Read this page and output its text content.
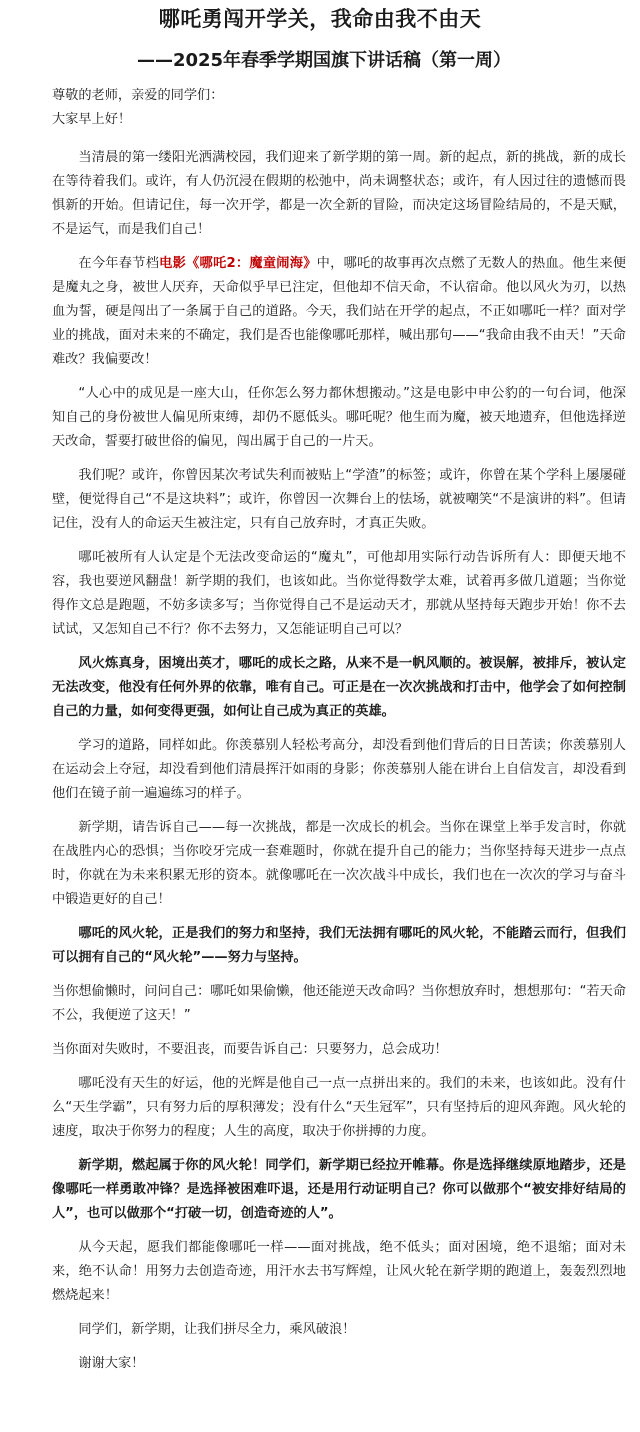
哪吒勇闯开学关，我命由我不由天
——2025年春季学期国旗下讲话稿（第一周）

尊敬的老师，亲爱的同学们：

大家早上好！

当清晨的第一缕阳光洒满校园，我们迎来了新学期的第一周。新的起点，新的挑战，新的成长在等待着我们。或许，有人仍沉浸在假期的松弛中，尚未调整状态；或许，有人因过往的遗憾而畏惧新的开始。但请记住，每一次开学，都是一次全新的冒险，而决定这场冒险结局的，不是天赋，不是运气，而是我们自己！

在今年春节档电影《哪吒2：魔童闹海》中，哪吒的故事再次点燃了无数人的热血。他生来便是魔丸之身，被世人厌弃，天命似乎早已注定，但他却不信天命，不认宿命。他以风火为刃，以热血为誓，硬是闯出了一条属于自己的道路。今天，我们站在开学的起点，不正如哪吒一样？面对学业的挑战，面对未来的不确定，我们是否也能像哪吒那样，喊出那句——“我命由我不由天！”天命难改？我偏要改！

“人心中的成见是一座大山，任你怎么努力都休想搬动。”这是电影中申公豹的一句台词，他深知自己的身份被世人偏见所束缚，却仍不愿低头。哪吒呢？他生而为魔，被天地遗弃，但他选择逆天改命，誓要打破世俗的偏见，闯出属于自己的一片天。

我们呢？或许，你曾因某次考试失利而被贴上“学渣”的标签；或许，你曾在某个学科上屡屡碰壁，便觉得自己“不是这块料”；或许，你曾因一次舞台上的怯场，就被嘲笑“不是演讲的料”。但请记住，没有人的命运天生被注定，只有自己放弃时，才真正失败。

哪吒被所有人认定是个无法改变命运的“魔丸”，可他却用实际行动告诉所有人：即便天地不容，我也要逆风翻盘！新学期的我们，也该如此。当你觉得数学太难，试着再多做几道题；当你觉得作文总是跑题，不妨多读多写；当你觉得自己不是运动天才，那就从坚持每天跑步开始！你不去试试，又怎知自己不行？你不去努力，又怎能证明自己可以？

风火炼真身，困境出英才，哪吒的成长之路，从来不是一帆风顺的。被误解，被排斥，被认定无法改变，他没有任何外界的依靠，唯有自己。可正是在一次次挑战和打击中，他学会了如何控制自己的力量，如何变得更强，如何让自己成为真正的英雄。

学习的道路，同样如此。你羡慕别人轻松考高分，却没看到他们背后的日日苦读；你羡慕别人在运动会上夺冠，却没看到他们清晨挥汗如雨的身影；你羡慕别人能在讲台上自信发言，却没看到他们在镜子前一遍遍练习的样子。

新学期，请告诉自己——每一次挑战，都是一次成长的机会。当你在课堂上举手发言时，你就在战胜内心的恐惧；当你咬牙完成一套难题时，你就在提升自己的能力；当你坚持每天进步一点点时，你就在为未来积累无形的资本。就像哪吒在一次次战斗中成长，我们也在一次次的学习与奋斗中锻造更好的自己！

哪吒的风火轮，正是我们的努力和坚持，我们无法拥有哪吒的风火轮，不能踏云而行，但我们可以拥有自己的“风火轮”——努力与坚持。

当你想偷懒时，问问自己：哪吒如果偷懒，他还能逆天改命吗？当你想放弃时，想想那句：“若天命不公，我便逆了这天！”

当你面对失败时，不要沮丧，而要告诉自己：只要努力，总会成功！

哪吒没有天生的好运，他的光辉是他自己一点一点拼出来的。我们的未来，也该如此。没有什么“天生学霸”，只有努力后的厚积薄发；没有什么“天生冠军”，只有坚持后的迎风奔跑。风火轮的速度，取决于你努力的程度；人生的高度，取决于你拼搏的力度。

新学期，燃起属于你的风火轮！同学们，新学期已经拉开帷幕。你是选择继续原地踏步，还是像哪吒一样勇敢冲锋？是选择被困难吓退，还是用行动证明自己？你可以做那个“被安排好结局的人”，也可以做那个“打破一切，创造奇迹的人”。

从今天起，愿我们都能像哪吒一样——面对挑战，绝不低头；面对困境，绝不退缩；面对未来，绝不认命！用努力去创造奇迹，用汗水去书写辉煌，让风火轮在新学期的跑道上，轰轰烈烈地燃烧起来！

同学们，新学期，让我们拼尽全力，乘风破浪！

谢谢大家！
